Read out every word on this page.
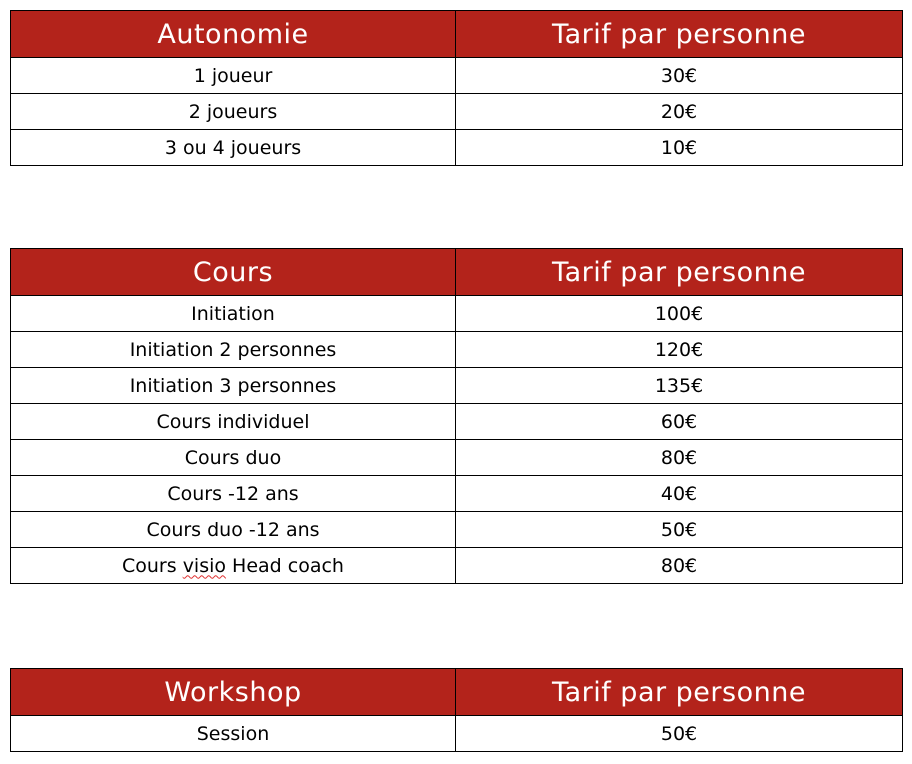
Autonomie	Tarif par personne
1 joueur	30€
2 joueurs	20€
3 ou 4 joueurs	10€
Cours	Tarif par personne
Initiation	100€
Initiation 2 personnes	120€
Initiation 3 personnes	135€
Cours individuel	60€
Cours duo	80€
Cours -12 ans	40€
Cours duo -12 ans	50€
Cours visio Head coach	80€
Workshop	Tarif par personne
Session	50€
